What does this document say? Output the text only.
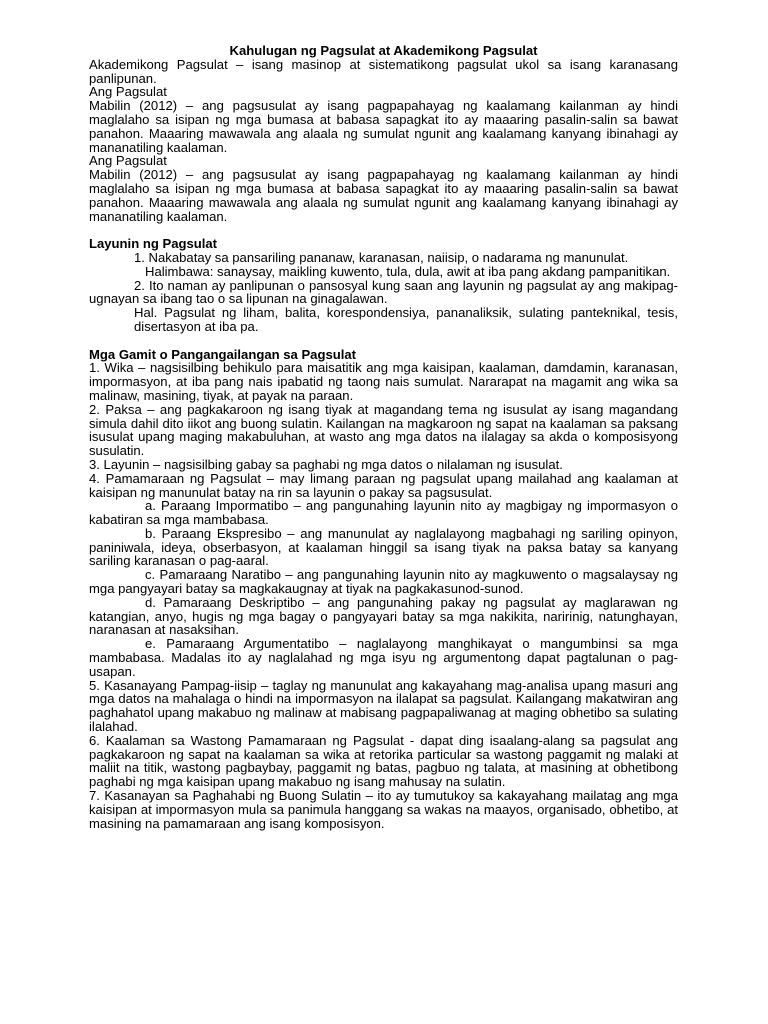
Kahulugan ng Pagsulat at Akademikong Pagsulat

Akademikong Pagsulat – isang masinop at sistematikong pagsulat ukol sa isang karanasang panlipunan.

Ang Pagsulat

Mabilin (2012) – ang pagsusulat ay isang pagpapahayag ng kaalamang kailanman ay hindi maglalaho sa isipan ng mga bumasa at babasa sapagkat ito ay maaaring pasalin-salin sa bawat panahon. Maaaring mawawala ang alaala ng sumulat ngunit ang kaalamang kanyang ibinahagi ay mananatiling kaalaman.

Ang Pagsulat

Mabilin (2012) – ang pagsusulat ay isang pagpapahayag ng kaalamang kailanman ay hindi maglalaho sa isipan ng mga bumasa at babasa sapagkat ito ay maaaring pasalin-salin sa bawat panahon. Maaaring mawawala ang alaala ng sumulat ngunit ang kaalamang kanyang ibinahagi ay mananatiling kaalaman.

Layunin ng Pagsulat

1. Nakabatay sa pansariling pananaw, karanasan, naiisip, o nadarama ng manunulat.

Halimbawa: sanaysay, maikling kuwento, tula, dula, awit at iba pang akdang pampanitikan.

2. Ito naman ay panlipunan o pansosyal kung saan ang layunin ng pagsulat ay ang makipag-ugnayan sa ibang tao o sa lipunan na ginagalawan.

Hal. Pagsulat ng liham, balita, korespondensiya, pananaliksik, sulating panteknikal, tesis, disertasyon at iba pa.

Mga Gamit o Pangangailangan sa Pagsulat

1. Wika – nagsisilbing behikulo para maisatitik ang mga kaisipan, kaalaman, damdamin, karanasan, impormasyon, at iba pang nais ipabatid ng taong nais sumulat. Nararapat na magamit ang wika sa malinaw, masining, tiyak, at payak na paraan.

2. Paksa – ang pagkakaroon ng isang tiyak at magandang tema ng isusulat ay isang magandang simula dahil dito iikot ang buong sulatin. Kailangan na magkaroon ng sapat na kaalaman sa paksang isusulat upang maging makabuluhan, at wasto ang mga datos na ilalagay sa akda o komposisyong susulatin.

3. Layunin – nagsisilbing gabay sa paghabi ng mga datos o nilalaman ng isusulat.

4. Pamamaraan ng Pagsulat – may limang paraan ng pagsulat upang mailahad ang kaalaman at kaisipan ng manunulat batay na rin sa layunin o pakay sa pagsusulat.

a. Paraang Impormatibo – ang pangunahing layunin nito ay magbigay ng impormasyon o kabatiran sa mga mambabasa.

b. Paraang Ekspresibo – ang manunulat ay naglalayong magbahagi ng sariling opinyon, paniniwala, ideya, obserbasyon, at kaalaman hinggil sa isang tiyak na paksa batay sa kanyang sariling karanasan o pag-aaral.

c. Pamaraang Naratibo – ang pangunahing layunin nito ay magkuwento o magsalaysay ng mga pangyayari batay sa magkakaugnay at tiyak na pagkakasunod-sunod.

d. Pamaraang Deskriptibo – ang pangunahing pakay ng pagsulat ay maglarawan ng katangian, anyo, hugis ng mga bagay o pangyayari batay sa mga nakikita, naririnig, natunghayan, naranasan at nasaksihan.

e. Pamaraang Argumentatibo – naglalayong manghikayat o mangumbinsi sa mga mambabasa. Madalas ito ay naglalahad ng mga isyu ng argumentong dapat pagtalunan o pag-usapan.

5. Kasanayang Pampag-iisip – taglay ng manunulat ang kakayahang mag-analisa upang masuri ang mga datos na mahalaga o hindi na impormasyon na ilalapat sa pagsulat. Kailangang makatwiran ang paghahatol upang makabuo ng malinaw at mabisang pagpapaliwanag at maging obhetibo sa sulating ilalahad.

6. Kaalaman sa Wastong Pamamaraan ng Pagsulat - dapat ding isaalang-alang sa pagsulat ang pagkakaroon ng sapat na kaalaman sa wika at retorika particular sa wastong paggamit ng malaki at maliit na titik, wastong pagbaybay, paggamit ng batas, pagbuo ng talata, at masining at obhetibong paghabi ng mga kaisipan upang makabuo ng isang mahusay na sulatin.

7. Kasanayan sa Paghahabi ng Buong Sulatin – ito ay tumutukoy sa kakayahang mailatag ang mga kaisipan at impormasyon mula sa panimula hanggang sa wakas na maayos, organisado, obhetibo, at masining na pamamaraan ang isang komposisyon.
